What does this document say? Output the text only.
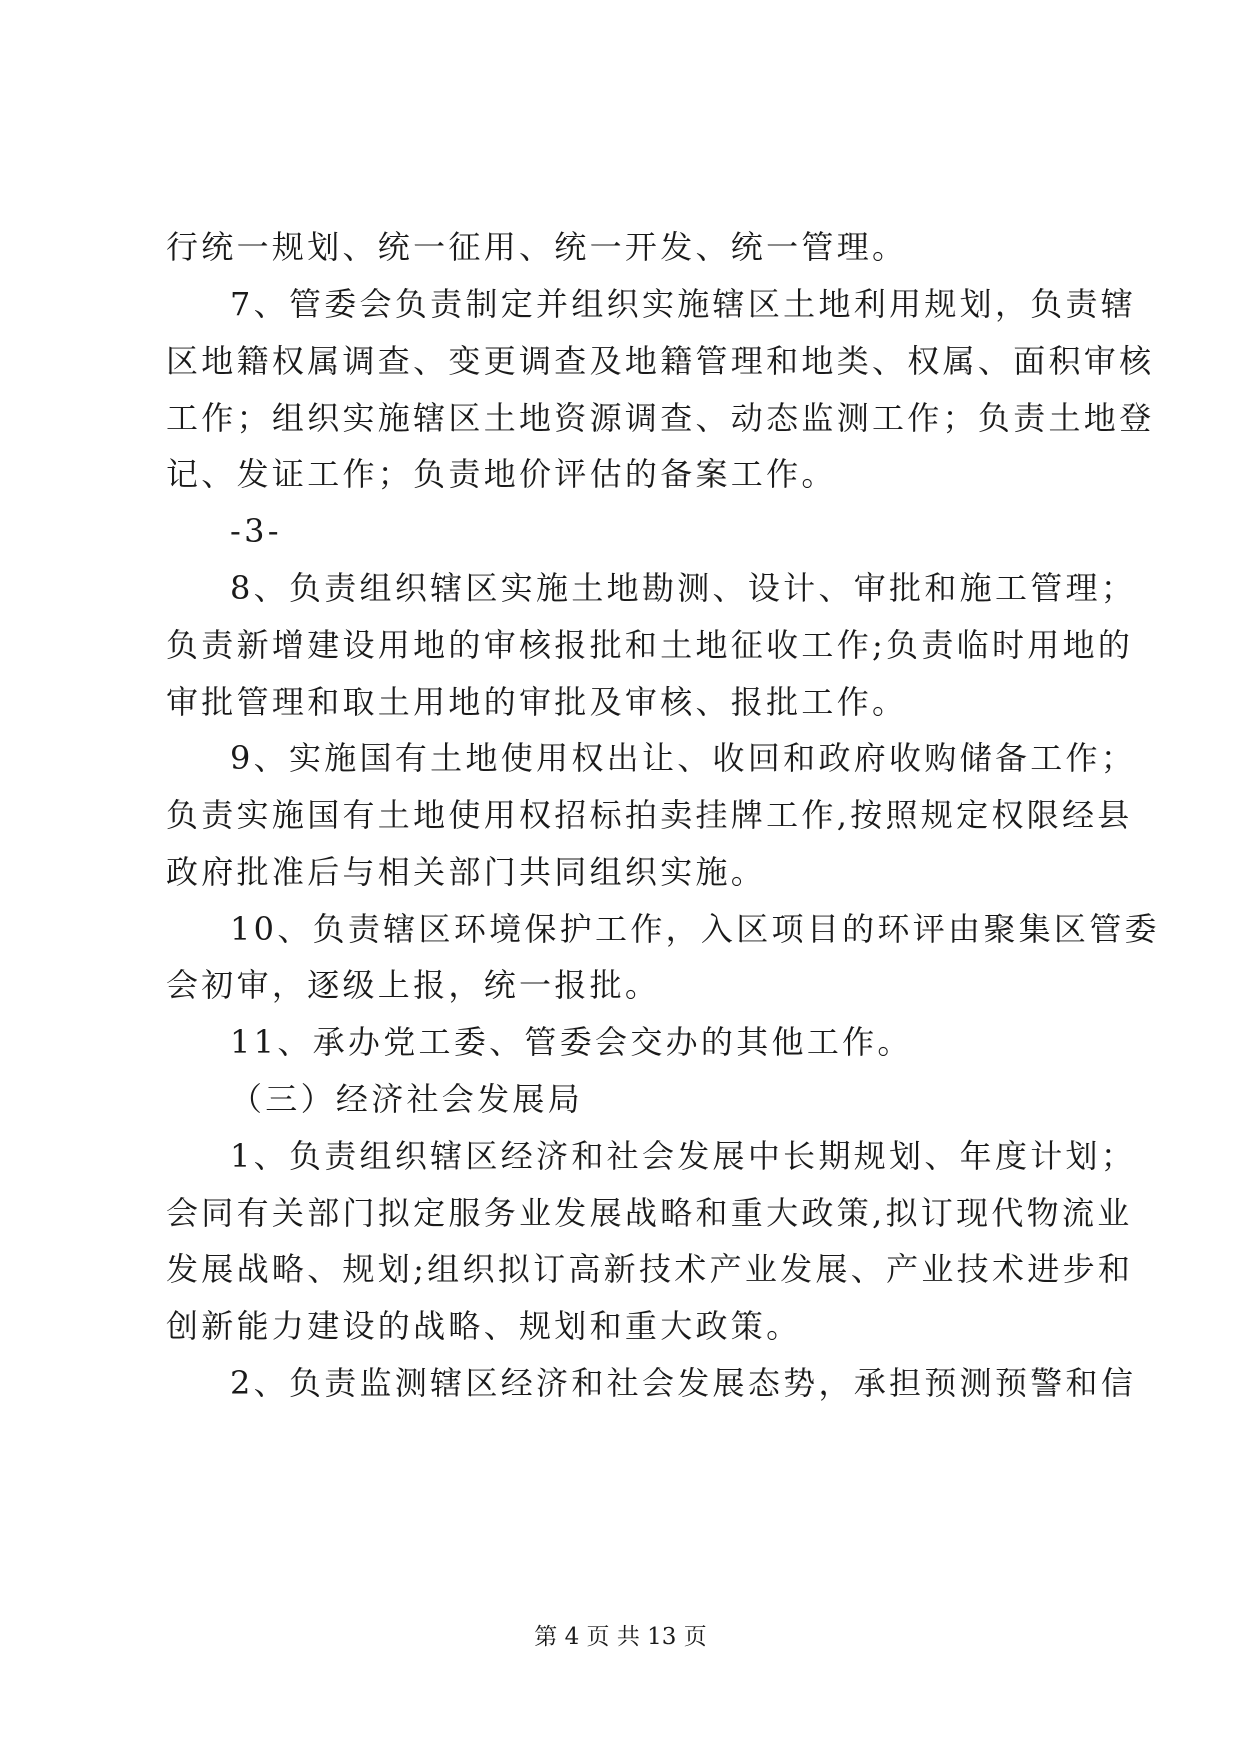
行统一规划、统一征用、统一开发、统一管理。
7、管委会负责制定并组织实施辖区土地利用规划，负责辖
区地籍权属调查、变更调查及地籍管理和地类、权属、面积审核
工作；组织实施辖区土地资源调查、动态监测工作；负责土地登
记、发证工作；负责地价评估的备案工作。
-3-
8、负责组织辖区实施土地勘测、设计、审批和施工管理；
负责新增建设用地的审核报批和土地征收工作;负责临时用地的
审批管理和取土用地的审批及审核、报批工作。
9、实施国有土地使用权出让、收回和政府收购储备工作；
负责实施国有土地使用权招标拍卖挂牌工作,按照规定权限经县
政府批准后与相关部门共同组织实施。
10、负责辖区环境保护工作，入区项目的环评由聚集区管委
会初审，逐级上报，统一报批。
11、承办党工委、管委会交办的其他工作。
（三）经济社会发展局
1、负责组织辖区经济和社会发展中长期规划、年度计划；
会同有关部门拟定服务业发展战略和重大政策,拟订现代物流业
发展战略、规划;组织拟订高新技术产业发展、产业技术进步和
创新能力建设的战略、规划和重大政策。
2、负责监测辖区经济和社会发展态势，承担预测预警和信
第 4 页 共 13 页
